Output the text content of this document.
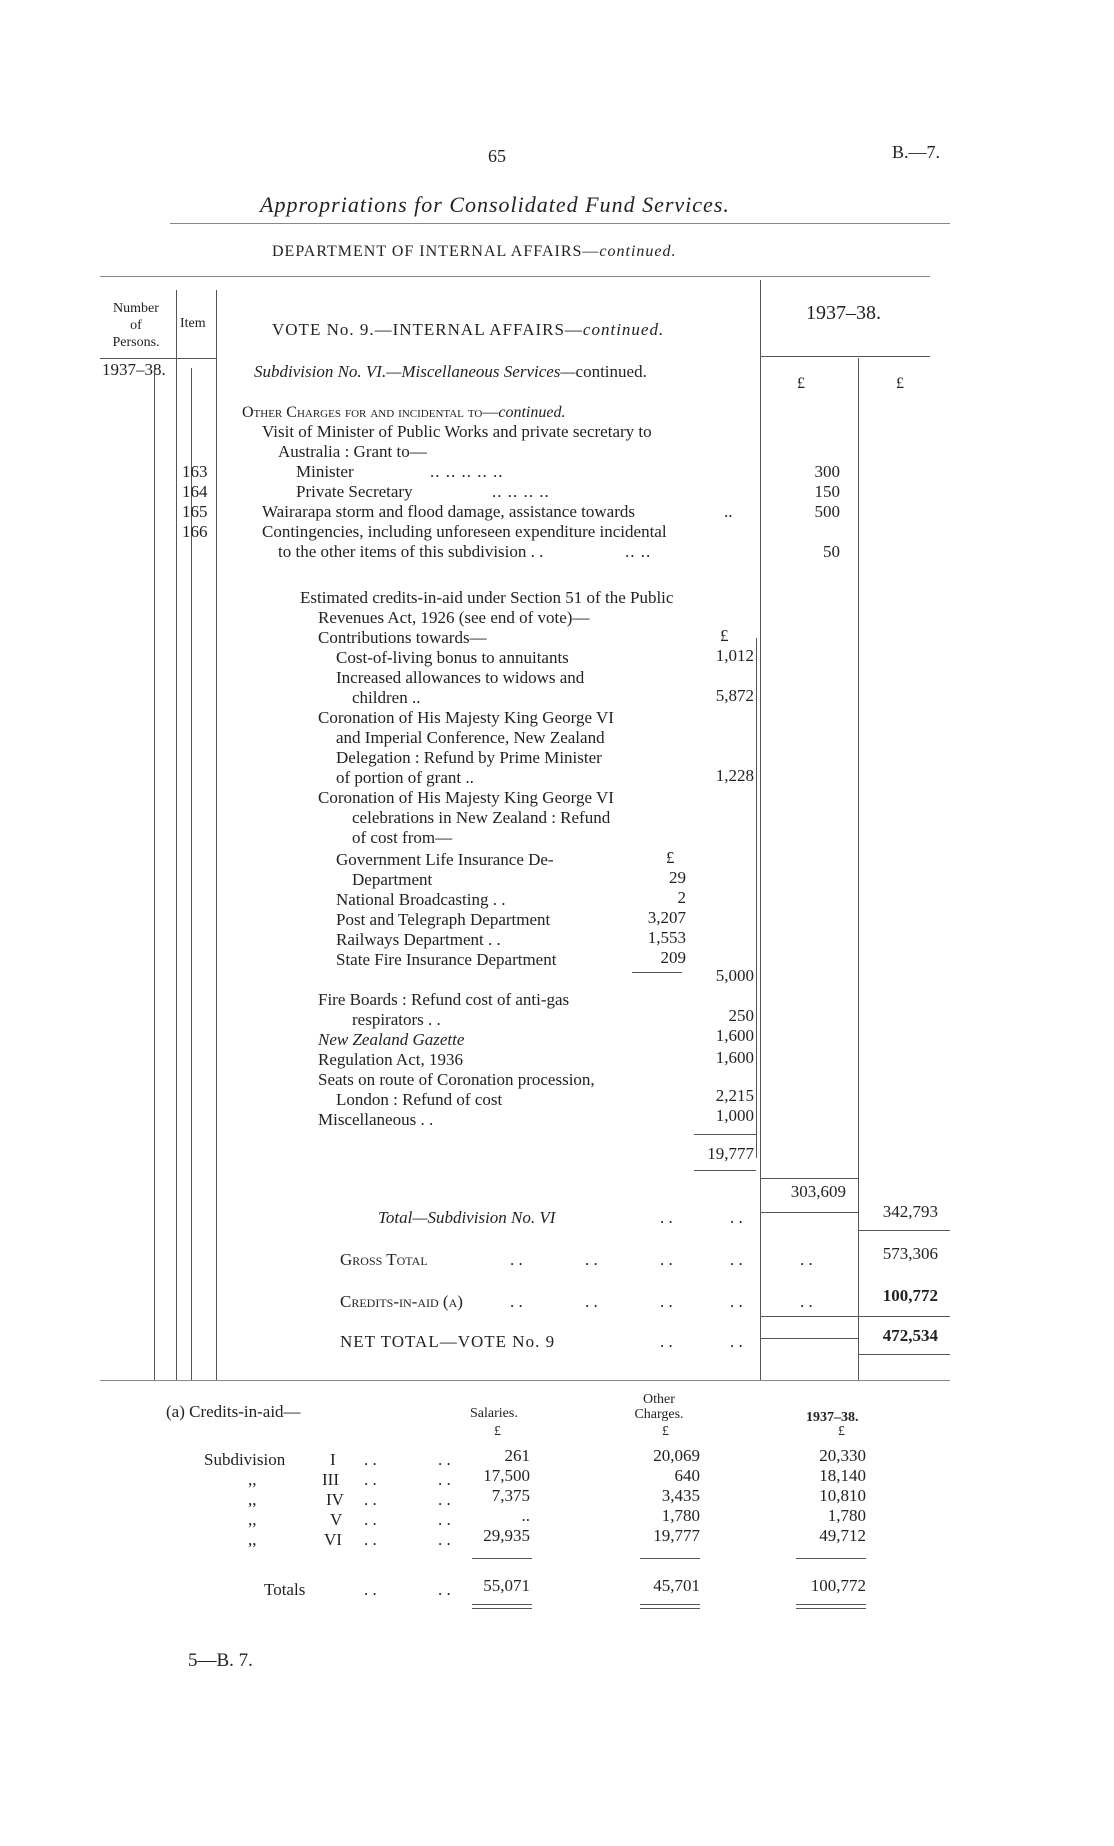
65	B.—7.
Appropriations for Consolidated Fund Services.
DEPARTMENT OF INTERNAL AFFAIRS—continued.
Number
of
Persons.
Item	1937–38.
1937–38.
£	£
VOTE No. 9.—INTERNAL AFFAIRS—continued.
Subdivision No. VI.—Miscellaneous Services—continued.
Other Charges for and incidental to—continued.
Visit of Minister of Public Works and private secretary to
Australia : Grant to—
163	Minister	.. .. .. .. ..	300
164	Private Secretary	.. .. .. ..	150
165	Wairarapa storm and flood damage, assistance towards	..	500
166	Contingencies, including unforeseen expenditure incidental
to the other items of this subdivision . .	.. ..	50
Estimated credits-in-aid under Section 51 of the Public
Revenues Act, 1926 (see end of vote)—
Contributions towards—	£
Cost-of-living bonus to annuitants	1,012
Increased allowances to widows and
children ..	5,872
Coronation of His Majesty King George VI
and Imperial Conference, New Zealand
Delegation : Refund by Prime Minister
of portion of grant ..	1,228
Coronation of His Majesty King George VI
celebrations in New Zealand : Refund
of cost from—
£
Government Life Insurance De-
Department	29
National Broadcasting . .	2
Post and Telegraph Department	3,207
Railways Department . .	1,553
State Fire Insurance Department	209
5,000
Fire Boards : Refund cost of anti-gas
respirators . .	250
New Zealand Gazette	1,600
Regulation Act, 1936	1,600
Seats on route of Coronation procession,
London : Refund of cost	2,215
Miscellaneous . .	1,000
19,777
303,609
Total—Subdivision No. VI	. .	. .	342,793
Gross Total	. .	. .	. .	. .	. .	573,306
Credits-in-aid (a)	. .	. .	. .	. .	. .	100,772
NET TOTAL—VOTE No. 9	. .	. .	472,534
(a) Credits-in-aid—	Salaries.
Other
Charges.	1937–38.
£	£	£
Subdivision	I . .	. .	261	20,069	20,330
,,	III . .	. .	17,500	640	18,140
,,	IV . .	. .	7,375	3,435	10,810
,,	V . .	. .	..	1,780	1,780
,,	VI . .	. .	29,935	19,777	49,712
Totals	. .	. .	55,071	45,701	100,772
5—B. 7.
